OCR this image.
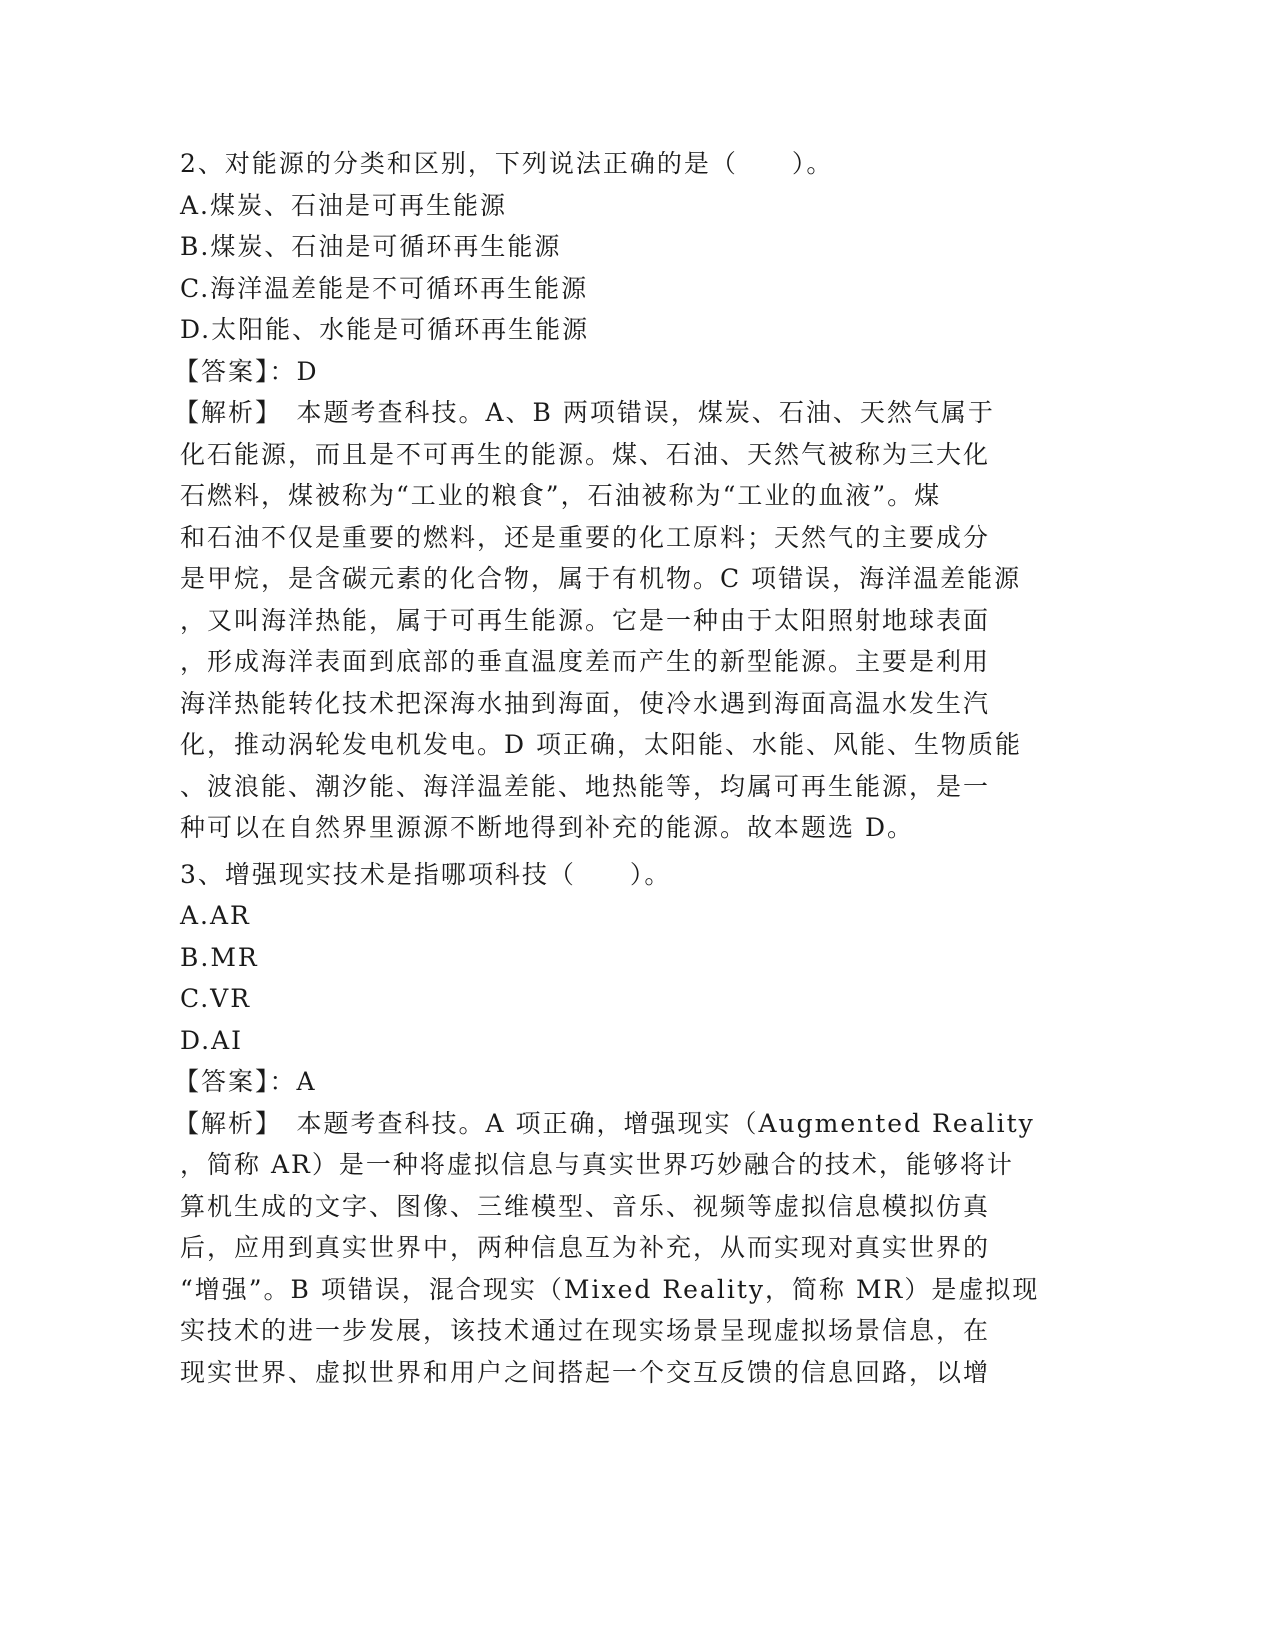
2、对能源的分类和区别，下列说法正确的是（　　）。
A.煤炭、石油是可再生能源
B.煤炭、石油是可循环再生能源
C.海洋温差能是不可循环再生能源
D.太阳能、水能是可循环再生能源
【答案】：D
【解析】　本题考查科技。A、B 两项错误，煤炭、石油、天然气属于
化石能源，而且是不可再生的能源。煤、石油、天然气被称为三大化
石燃料，煤被称为“工业的粮食”，石油被称为“工业的血液”。煤
和石油不仅是重要的燃料，还是重要的化工原料；天然气的主要成分
是甲烷，是含碳元素的化合物，属于有机物。C 项错误，海洋温差能源
，又叫海洋热能，属于可再生能源。它是一种由于太阳照射地球表面
，形成海洋表面到底部的垂直温度差而产生的新型能源。主要是利用
海洋热能转化技术把深海水抽到海面，使冷水遇到海面高温水发生汽
化，推动涡轮发电机发电。D 项正确，太阳能、水能、风能、生物质能
、波浪能、潮汐能、海洋温差能、地热能等，均属可再生能源，是一
种可以在自然界里源源不断地得到补充的能源。故本题选 D。
3、增强现实技术是指哪项科技（　　）。
A.AR
B.MR
C.VR
D.AI
【答案】：A
【解析】　本题考查科技。A 项正确，增强现实（Augmented Reality
，简称 AR）是一种将虚拟信息与真实世界巧妙融合的技术，能够将计
算机生成的文字、图像、三维模型、音乐、视频等虚拟信息模拟仿真
后，应用到真实世界中，两种信息互为补充，从而实现对真实世界的
“增强”。B 项错误，混合现实（Mixed Reality，简称 MR）是虚拟现
实技术的进一步发展，该技术通过在现实场景呈现虚拟场景信息，在
现实世界、虚拟世界和用户之间搭起一个交互反馈的信息回路，以增
